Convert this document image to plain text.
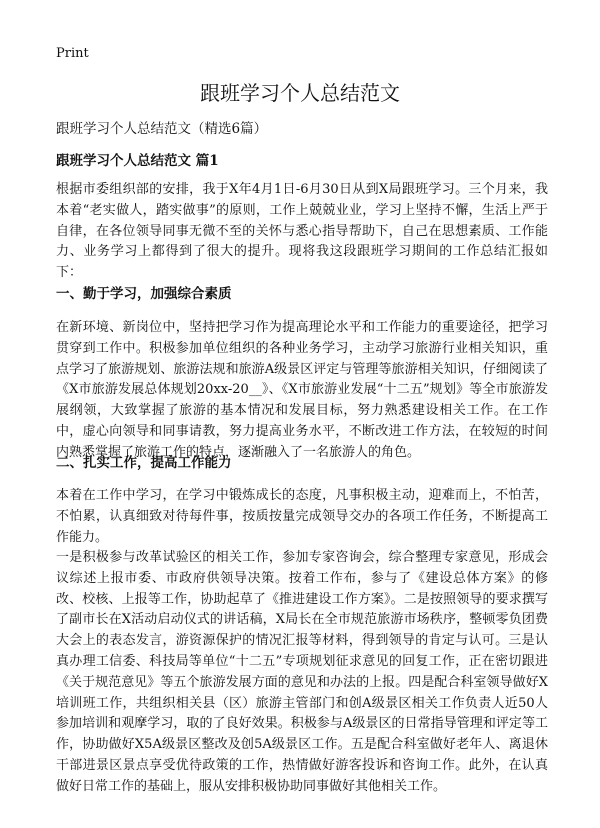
Print
跟班学习个人总结范文
跟班学习个人总结范文（精选6篇）
跟班学习个人总结范文 篇1

根据市委组织部的安排，我于X年4月1日-6月30日从到X局跟班学习。三个月来，我本着“老实做人，踏实做事”的原则，工作上兢兢业业，学习上坚持不懈，生活上严于自律，在各位领导同事无微不至的关怀与悉心指导帮助下，自己在思想素质、工作能力、业务学习上都得到了很大的提升。现将我这段跟班学习期间的工作总结汇报如下：

一、勤于学习，加强综合素质

在新环境、新岗位中，坚持把学习作为提高理论水平和工作能力的重要途径，把学习贯穿到工作中。积极参加单位组织的各种业务学习，主动学习旅游行业相关知识，重点学习了旅游规划、旅游法规和旅游A级景区评定与管理等旅游相关知识，仔细阅读了《X市旅游发展总体规划20xx-20__》、《X市旅游业发展“十二五”规划》等全市旅游发展纲领，大致掌握了旅游的基本情况和发展目标，努力熟悉建设相关工作。在工作中，虚心向领导和同事请教，努力提高业务水平，不断改进工作方法，在较短的时间内熟悉掌握了旅游工作的特点，逐渐融入了一名旅游人的角色。

二、扎实工作，提高工作能力

本着在工作中学习，在学习中锻炼成长的态度，凡事积极主动，迎难而上，不怕苦，不怕累，认真细致对待每件事，按质按量完成领导交办的各项工作任务，不断提高工作能力。

一是积极参与改革试验区的相关工作，参加专家咨询会，综合整理专家意见，形成会议综述上报市委、市政府供领导决策。按着工作布，参与了《建设总体方案》的修改、校核、上报等工作，协助起草了《推进建设工作方案》。二是按照领导的要求撰写了副市长在X活动启动仪式的讲话稿，X局长在全市规范旅游市场秩序，整顿零负团费大会上的表态发言，游资源保护的情况汇报等材料，得到领导的肯定与认可。三是认真办理工信委、科技局等单位“十二五”专项规划征求意见的回复工作，正在密切跟进《关于规范意见》等五个旅游发展方面的意见和办法的上报。四是配合科室领导做好X培训班工作，共组织相关县（区）旅游主管部门和创A级景区相关工作负责人近50人参加培训和观摩学习，取的了良好效果。积极参与A级景区的日常指导管理和评定等工作，协助做好X5A级景区整改及创5A级景区工作。五是配合科室做好老年人、离退休干部进景区景点享受优待政策的工作，热情做好游客投诉和咨询工作。此外，在认真做好日常工作的基础上，服从安排积极协助同事做好其他相关工作。
